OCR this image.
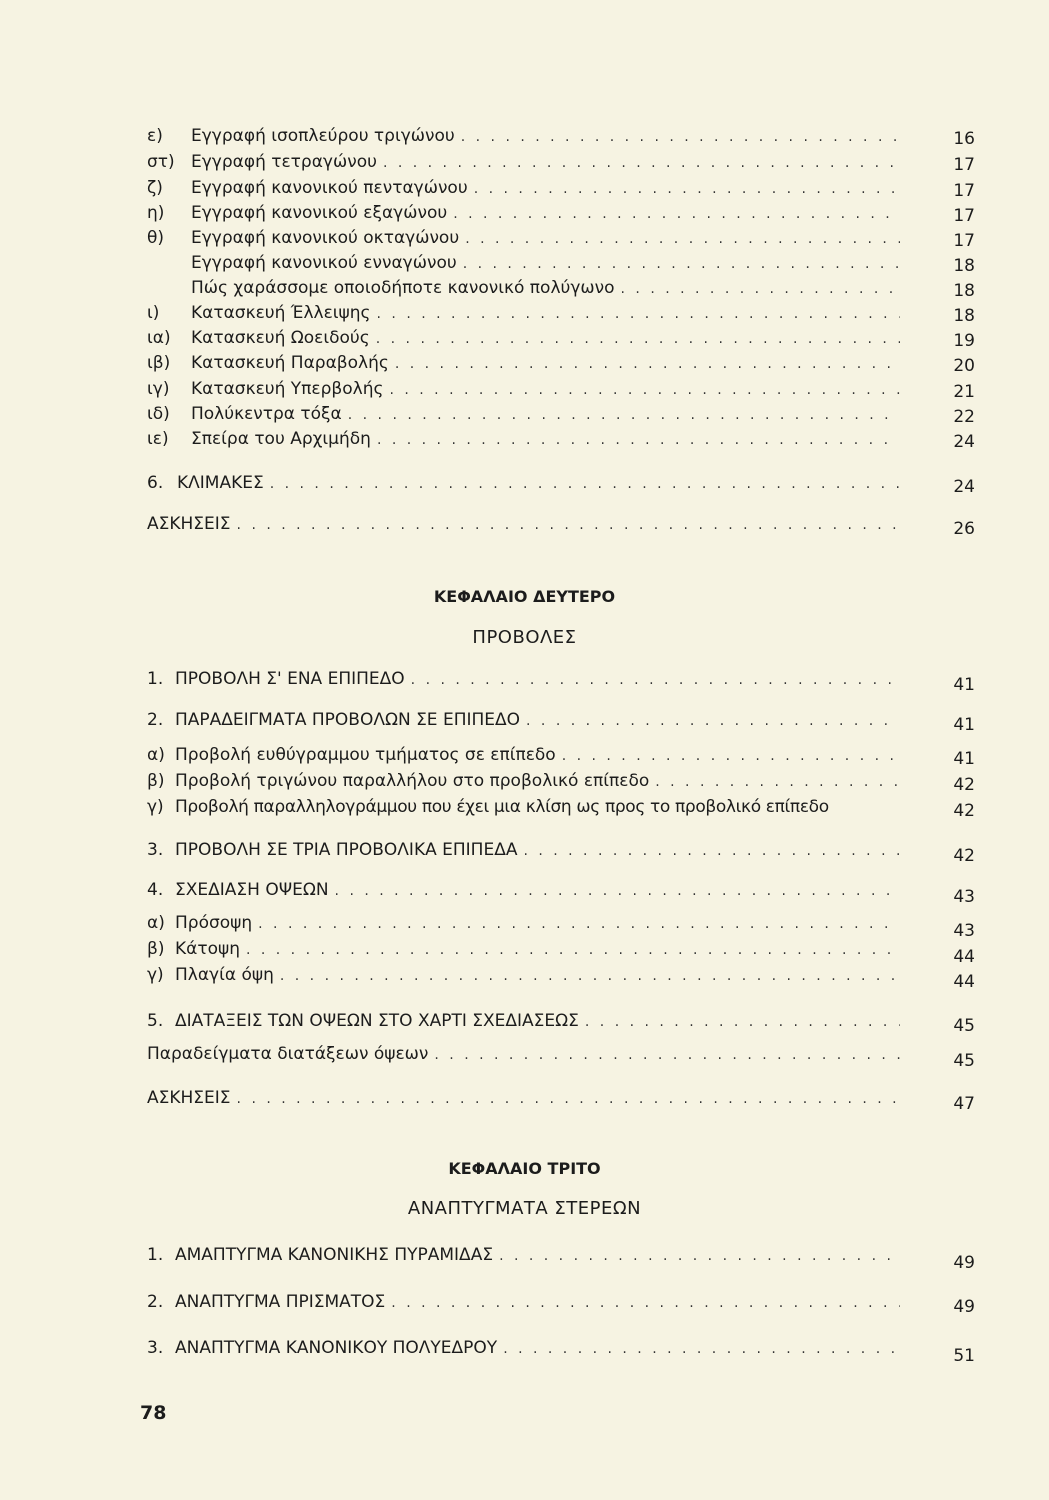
ε)	Εγγραφή ισοπλεύρου τριγώνου . . .	16
στ) Εγγραφή τετραγώνου . . .	17
ζ)	Εγγραφή κανονικού πενταγώνου . . .	17
η)	Εγγραφή κανονικού εξαγώνου . . .	17
θ)	Εγγραφή κανονικού οκταγώνου . . .	17
Εγγραφή κανονικού ενναγώνου . . .	18
Πώς χαράσσομε οποιοδήποτε κανονικό πολύγωνο . . .	18
ι)	Κατασκευή Έλλειψης . . .	18
ια)	Κατασκευή Ωοειδούς . . .	19
ιβ)	Κατασκευή Παραβολής . . .	20
ιγ)	Κατασκευή Υπερβολής . . .	21
ιδ)	Πολύκεντρα τόξα . . .	22
ιε)	Σπείρα του Αρχιμήδη . . .	24
6. ΚΛΙΜΑΚΕΣ . . .	24
ΑΣΚΗΣΕΙΣ . . .	26
ΚΕΦΑΛΑΙΟ ΔΕΥΤΕΡΟ
ΠΡΟΒΟΛΕΣ
1. ΠΡΟΒΟΛΗ Σ' ΕΝΑ ΕΠΙΠΕΔΟ . . .	41
2. ΠΑΡΑΔΕΙΓΜΑΤΑ ΠΡΟΒΟΛΩΝ ΣΕ ΕΠΙΠΕΔΟ . . .	41
α) Προβολή ευθύγραμμου τμήματος σε επίπεδο . . .	41
β) Προβολή τριγώνου παραλλήλου στο προβολικό επίπεδο . . .	42
γ) Προβολή παραλληλογράμμου που έχει μια κλίση ως προς το προβολικό επίπεδο	42
3. ΠΡΟΒΟΛΗ ΣΕ ΤΡΙΑ ΠΡΟΒΟΛΙΚΑ ΕΠΙΠΕΔΑ . . .	42
4. ΣΧΕΔΙΑΣΗ ΟΨΕΩΝ . . .	43
α) Πρόσοψη . . .	43
β) Κάτοψη . . .	44
γ) Πλαγία όψη . . .	44
5. ΔΙΑΤΑΞΕΙΣ ΤΩΝ ΟΨΕΩΝ ΣΤΟ ΧΑΡΤΙ ΣΧΕΔΙΑΣΕΩΣ . . .	45
Παραδείγματα διατάξεων όψεων . . .	45
ΑΣΚΗΣΕΙΣ . . .	47
ΚΕΦΑΛΑΙΟ ΤΡΙΤΟ
ΑΝΑΠΤΥΓΜΑΤΑ ΣΤΕΡΕΩΝ
1. ΑΜΑΠΤΥΓΜΑ ΚΑΝΟΝΙΚΗΣ ΠΥΡΑΜΙΔΑΣ . . .	49
2. ΑΝΑΠΤΥΓΜΑ ΠΡΙΣΜΑΤΟΣ . . .	49
3. ΑΝΑΠΤΥΓΜΑ ΚΑΝΟΝΙΚΟΥ ΠΟΛΥΕΔΡΟΥ . . .	51
78
